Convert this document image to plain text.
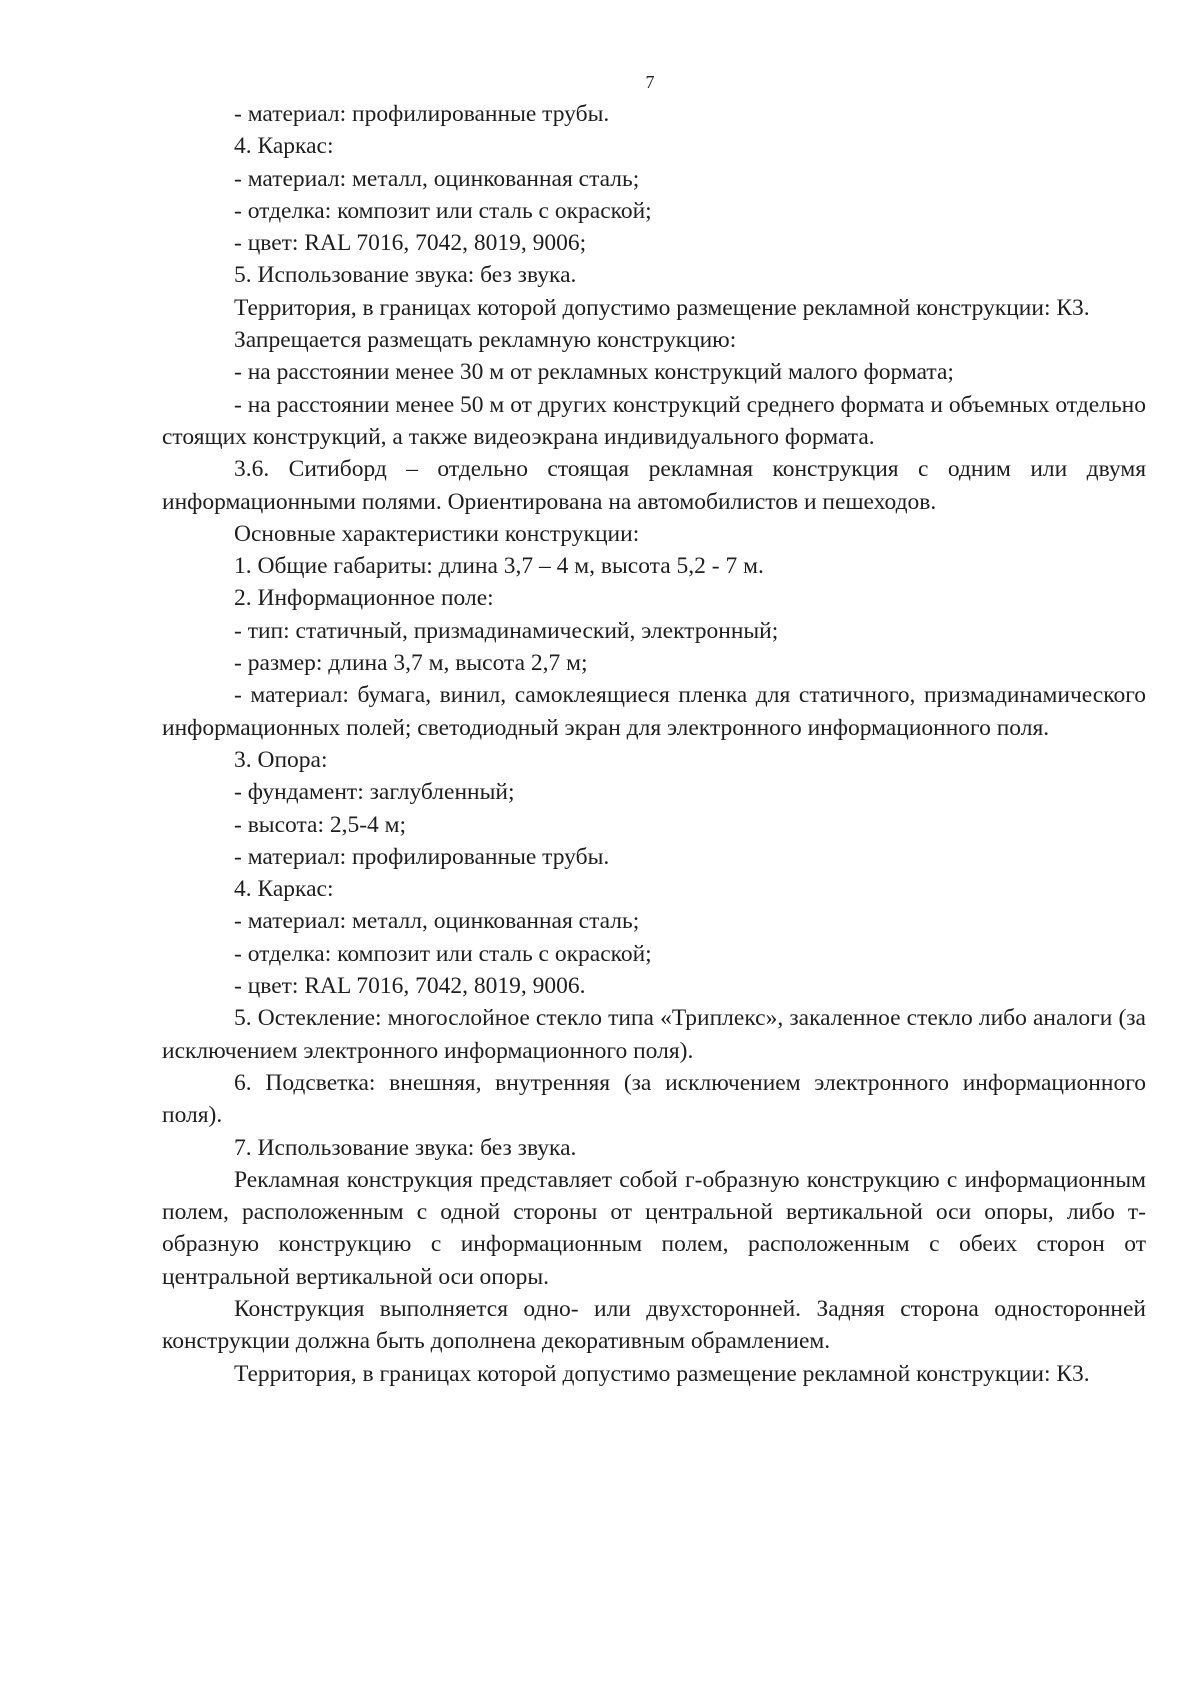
7

- материал: профилированные трубы.

4. Каркас:

- материал: металл, оцинкованная сталь;

- отделка: композит или сталь с окраской;

- цвет: RAL 7016, 7042, 8019, 9006;

5. Использование звука: без звука.

Территория, в границах которой допустимо размещение рекламной конструкции: К3.

Запрещается размещать рекламную конструкцию:

- на расстоянии менее 30 м от рекламных конструкций малого формата;

- на расстоянии менее 50 м от других конструкций среднего формата и объемных отдельно стоящих конструкций, а также видеоэкрана индивидуального формата.

3.6. Ситиборд – отдельно стоящая рекламная конструкция с одним или двумя информационными полями. Ориентирована на автомобилистов и пешеходов.

Основные характеристики конструкции:

1. Общие габариты: длина 3,7 – 4 м, высота 5,2 - 7 м.

2. Информационное поле:

- тип: статичный, призмадинамический, электронный;

- размер: длина 3,7 м, высота 2,7 м;

- материал: бумага, винил, самоклеящиеся пленка для статичного, призмадинамического информационных полей; светодиодный экран для электронного информационного поля.

3. Опора:

- фундамент: заглубленный;

- высота: 2,5-4 м;

- материал: профилированные трубы.

4. Каркас:

- материал: металл, оцинкованная сталь;

- отделка: композит или сталь с окраской;

- цвет: RAL 7016, 7042, 8019, 9006.

5. Остекление: многослойное стекло типа «Триплекс», закаленное стекло либо аналоги (за исключением электронного информационного поля).

6. Подсветка: внешняя, внутренняя (за исключением электронного информационного поля).

7. Использование звука: без звука.

Рекламная конструкция представляет собой г-образную конструкцию с информационным полем, расположенным с одной стороны от центральной вертикальной оси опоры, либо т-образную конструкцию с информационным полем, расположенным с обеих сторон от центральной вертикальной оси опоры.

Конструкция выполняется одно- или двухсторонней. Задняя сторона односторонней конструкции должна быть дополнена декоративным обрамлением.

Территория, в границах которой допустимо размещение рекламной конструкции: К3.
